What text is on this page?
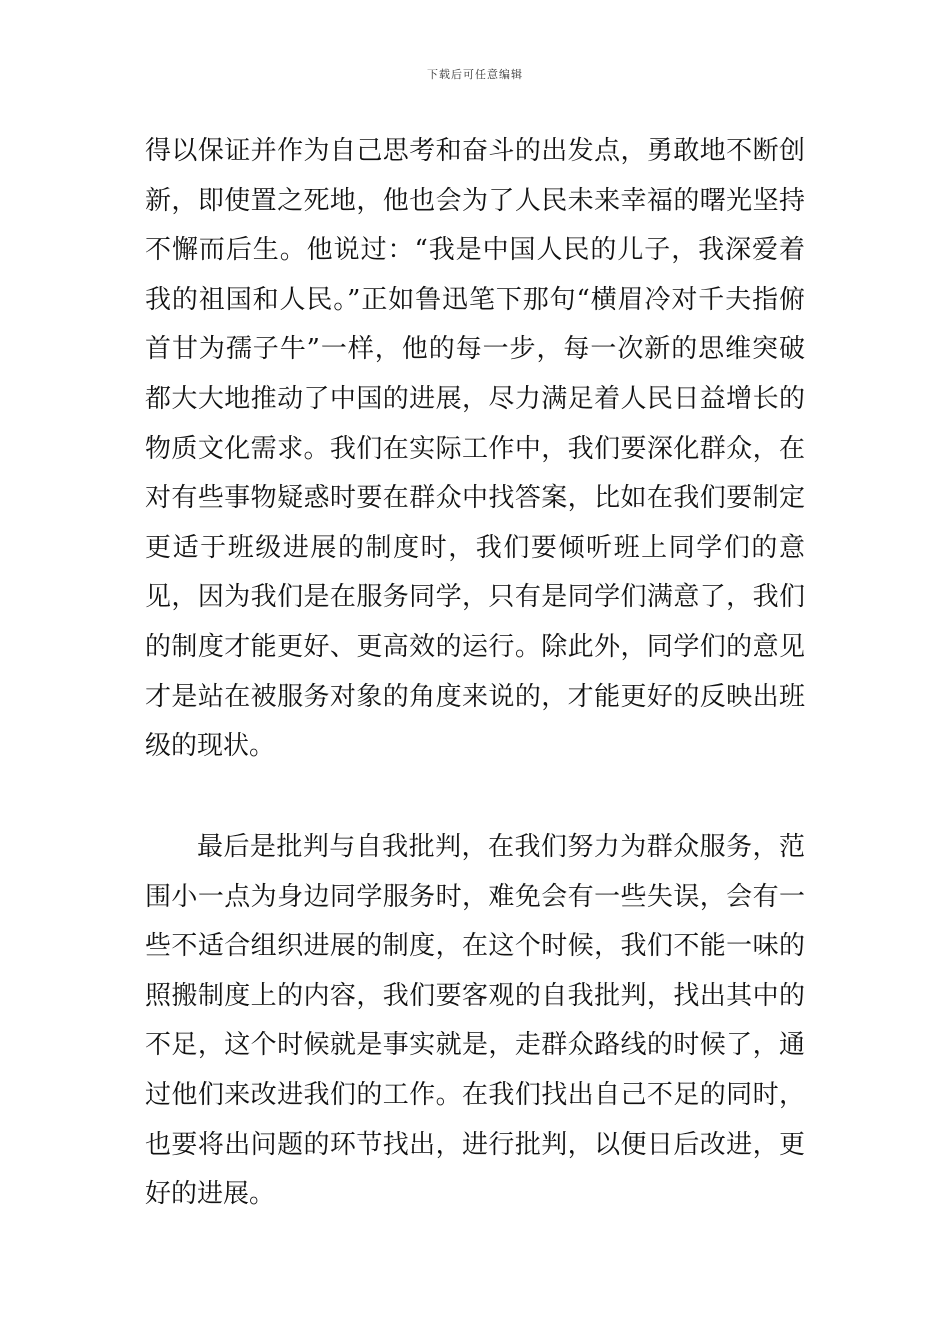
下载后可任意编辑

得以保证并作为自己思考和奋斗的出发点，勇敢地不断创新，即使置之死地，他也会为了人民未来幸福的曙光坚持不懈而后生。他说过：“我是中国人民的儿子，我深爱着我的祖国和人民。”正如鲁迅笔下那句“横眉冷对千夫指俯首甘为孺子牛”一样，他的每一步，每一次新的思维突破都大大地推动了中国的进展，尽力满足着人民日益增长的物质文化需求。我们在实际工作中，我们要深化群众，在对有些事物疑惑时要在群众中找答案，比如在我们要制定更适于班级进展的制度时，我们要倾听班上同学们的意见，因为我们是在服务同学，只有是同学们满意了，我们的制度才能更好、更高效的运行。除此外，同学们的意见才是站在被服务对象的角度来说的，才能更好的反映出班级的现状。

最后是批判与自我批判，在我们努力为群众服务，范围小一点为身边同学服务时，难免会有一些失误，会有一些不适合组织进展的制度，在这个时候，我们不能一味的照搬制度上的内容，我们要客观的自我批判，找出其中的不足，这个时候就是事实就是，走群众路线的时候了，通过他们来改进我们的工作。在我们找出自己不足的同时，也要将出问题的环节找出，进行批判，以便日后改进，更好的进展。
